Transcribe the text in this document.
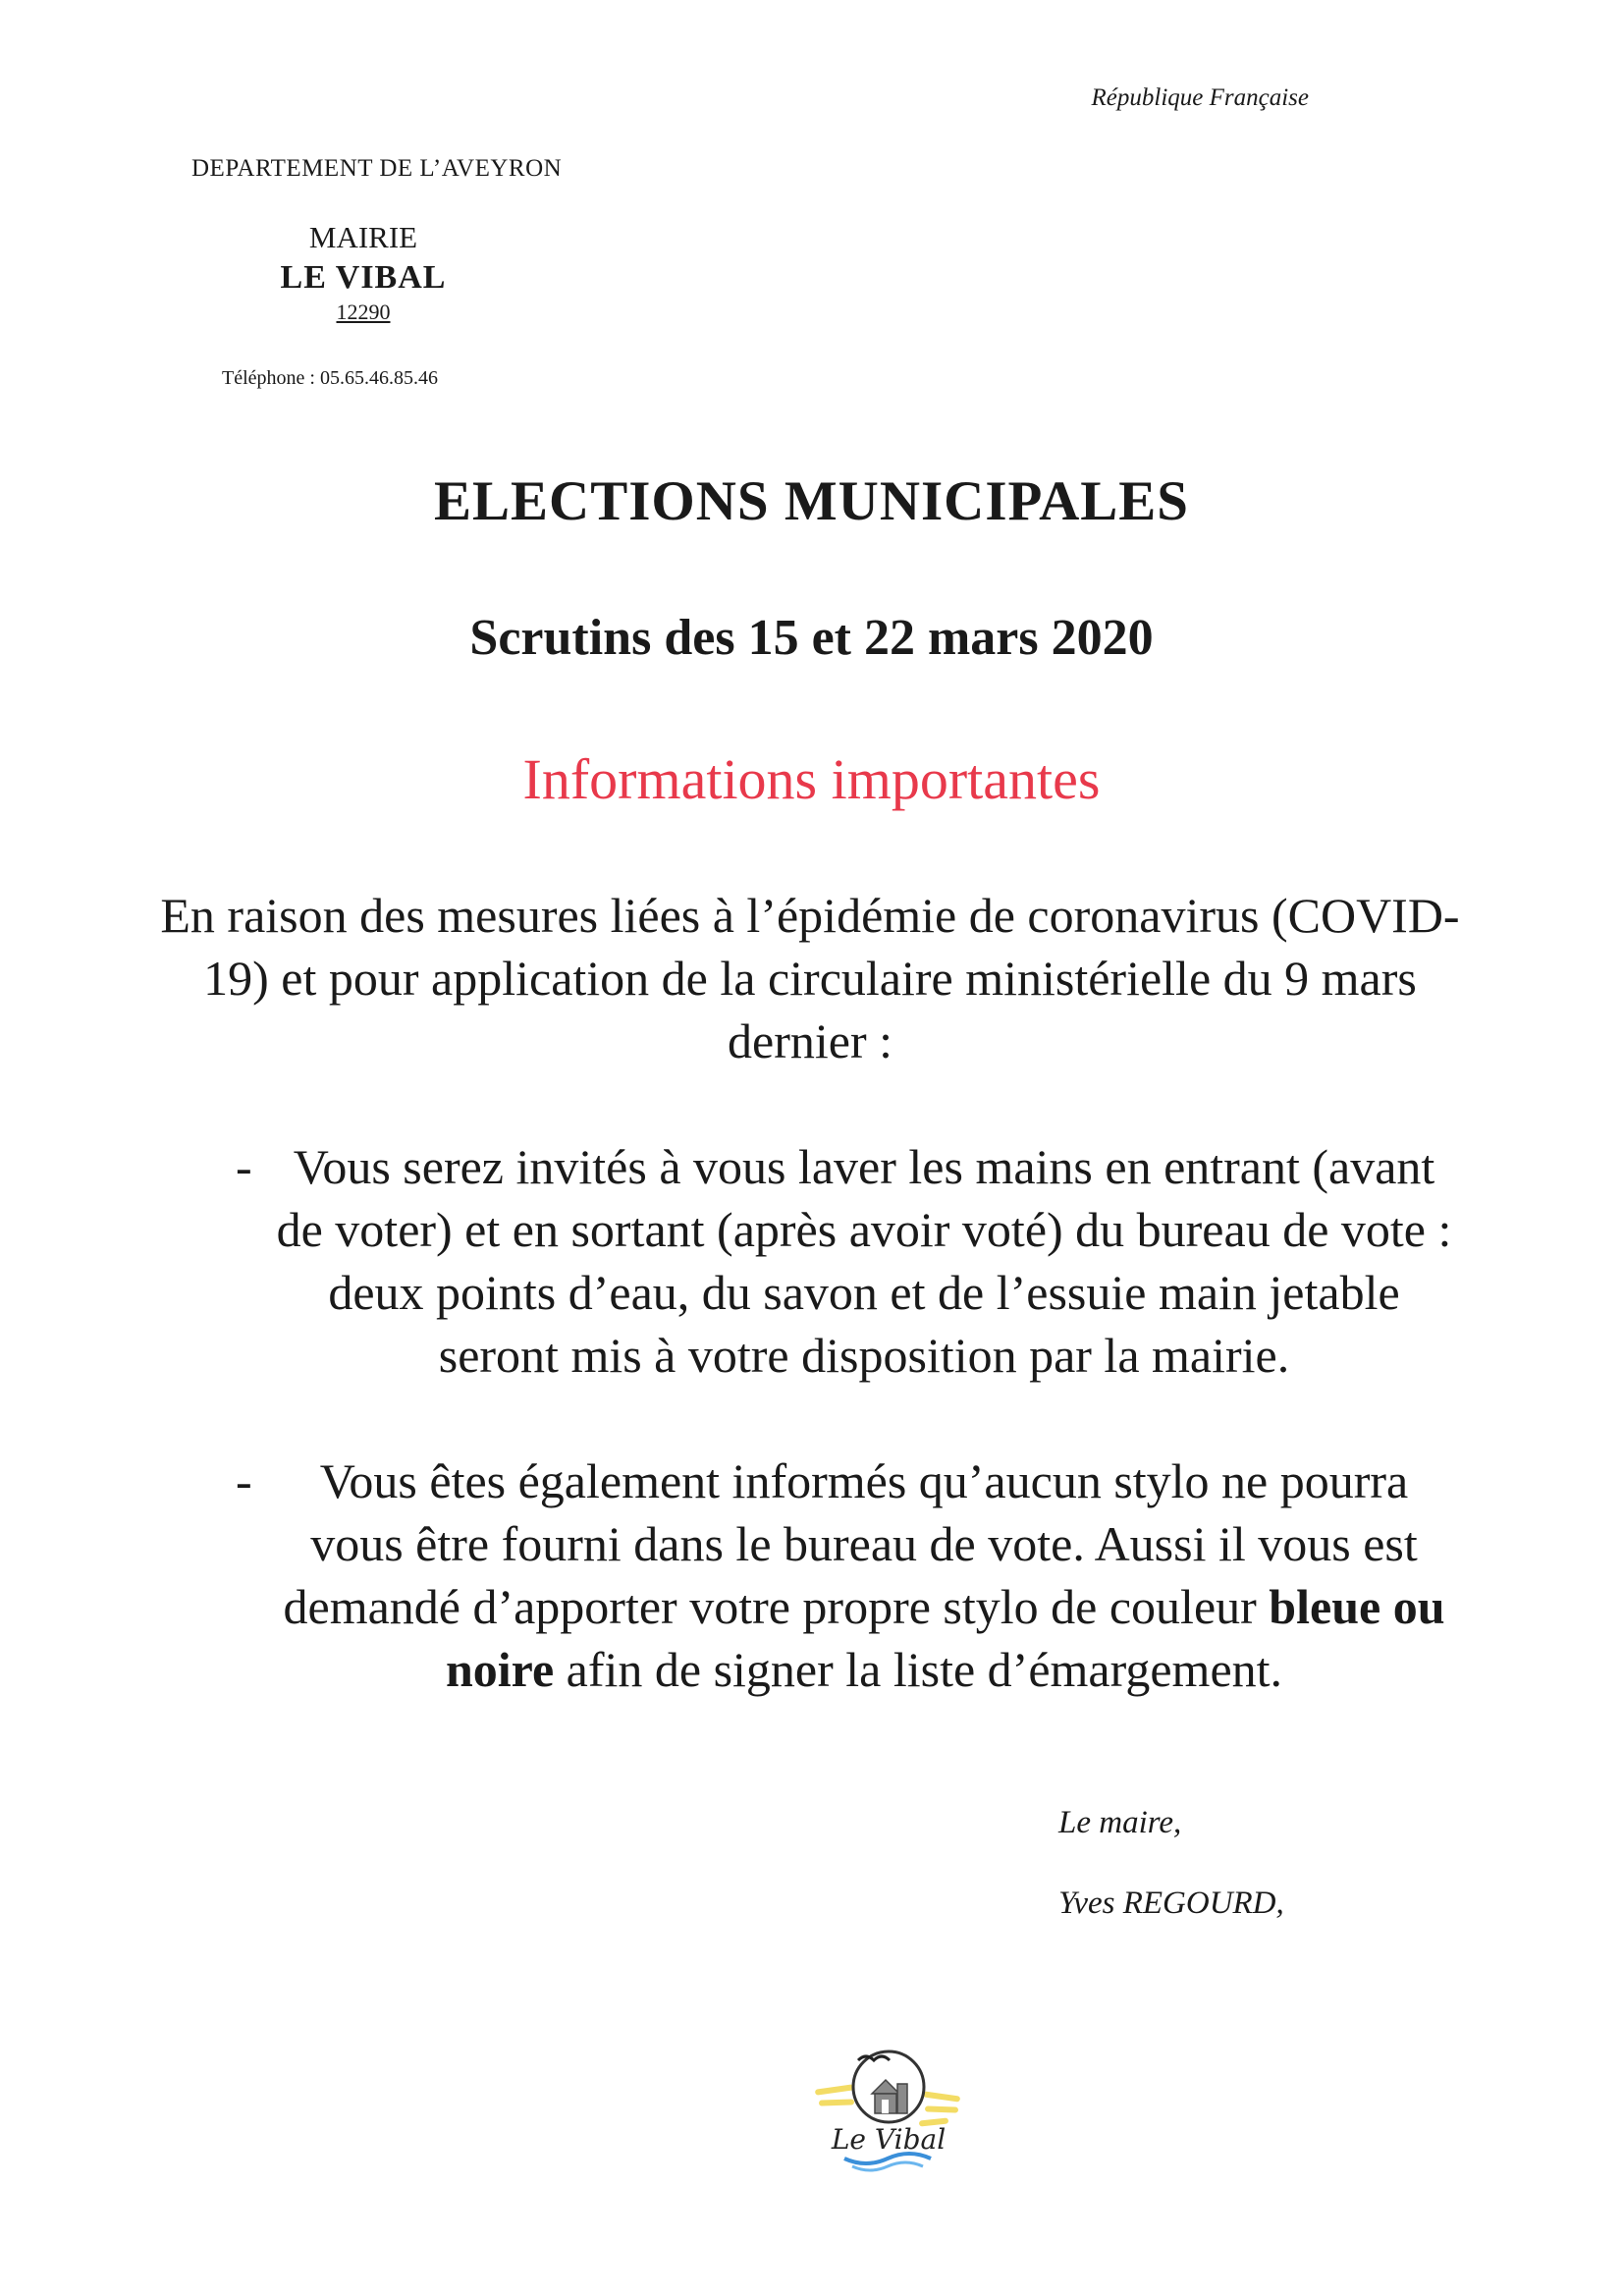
République Française
DEPARTEMENT DE L’AVEYRON
MAIRIE
LE VIBAL
12290
Téléphone : 05.65.46.85.46
ELECTIONS MUNICIPALES
Scrutins des 15 et 22 mars 2020
Informations importantes
En raison des mesures liées à l’épidémie de coronavirus (COVID-19) et pour application de la circulaire ministérielle du 9 mars dernier :
- Vous serez invités à vous laver les mains en entrant (avant de voter) et en sortant (après avoir voté) du bureau de vote : deux points d’eau, du savon et de l’essuie main jetable seront mis à votre disposition par la mairie.
-	Vous êtes également informés qu’aucun stylo ne pourra vous être fourni dans le bureau de vote. Aussi il vous est demandé d’apporter votre propre stylo de couleur bleue ou noire afin de signer la liste d’émargement.
Le maire,
Yves REGOURD,
Le Vibal
